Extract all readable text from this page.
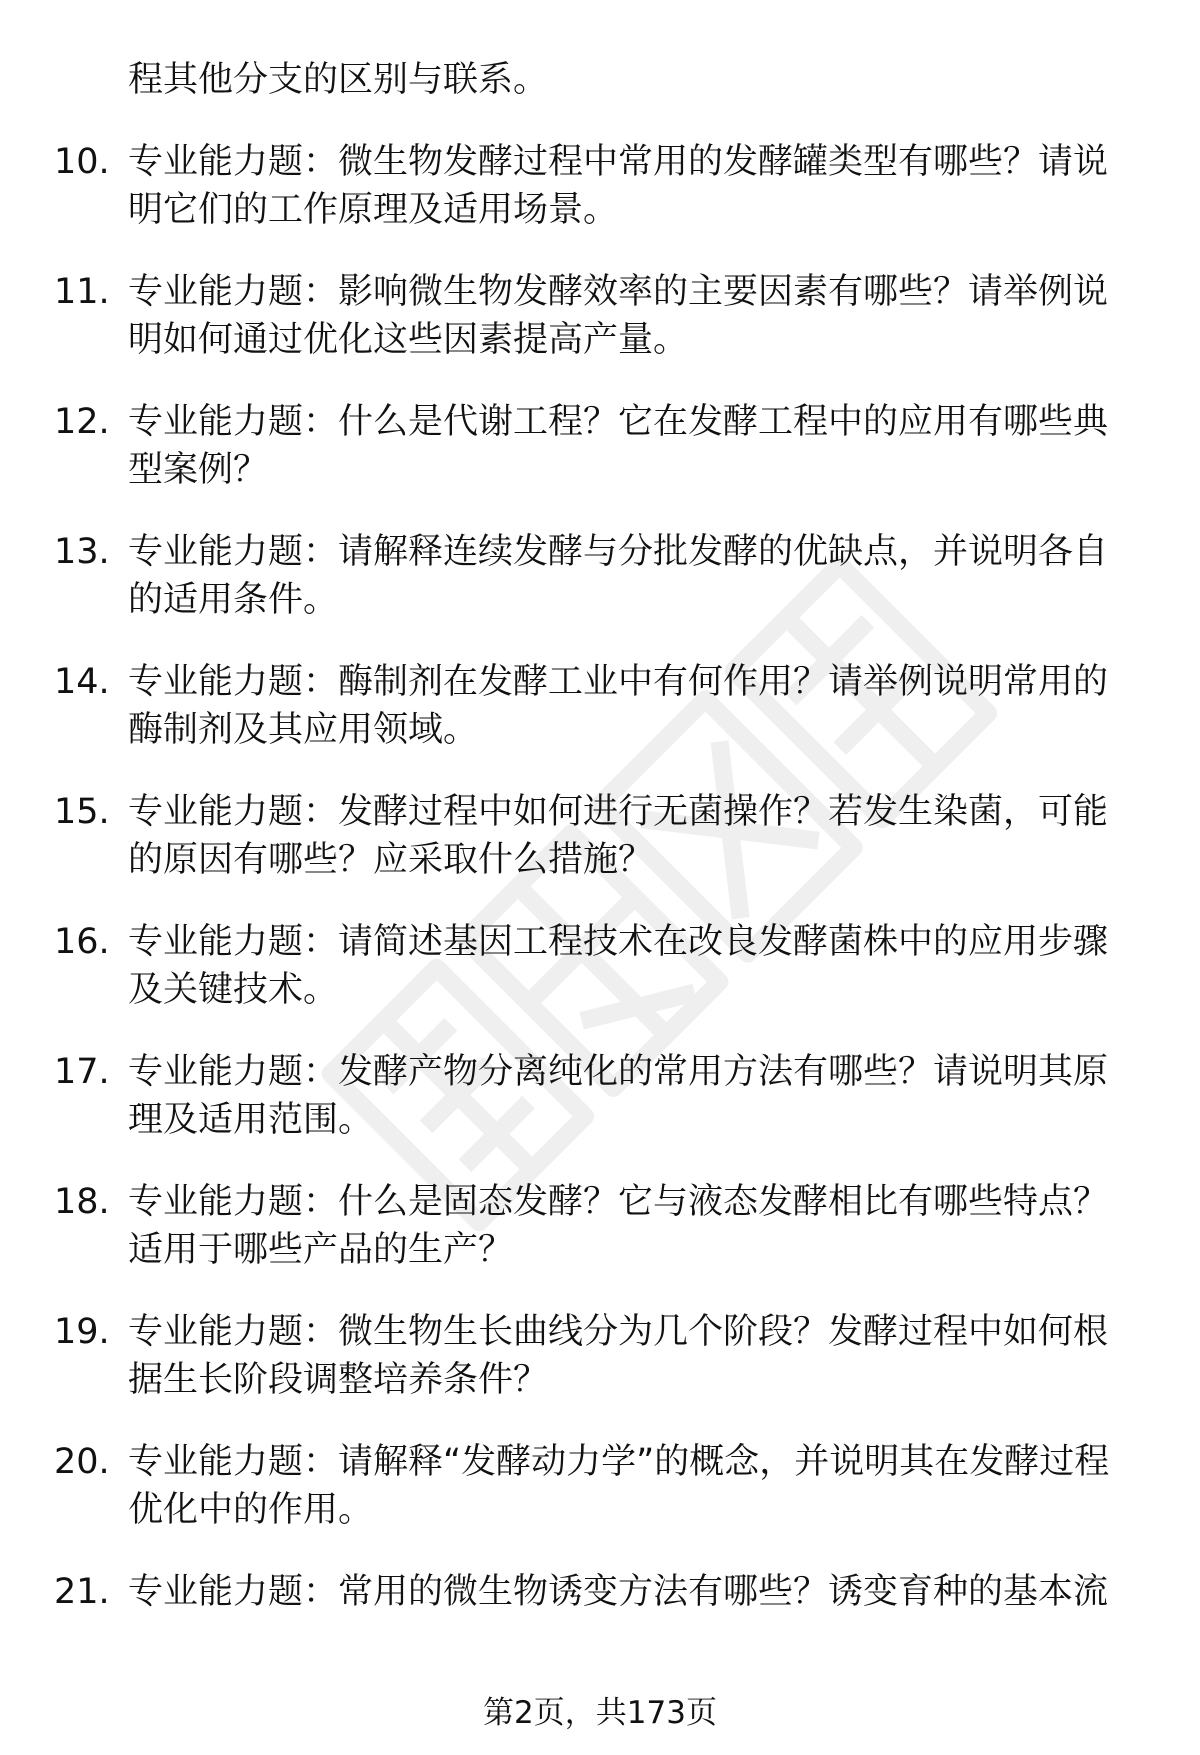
程其他分支的区别与联系。
10. 专业能力题：微生物发酵过程中常用的发酵罐类型有哪些？请说明它们的工作原理及适用场景。
11. 专业能力题：影响微生物发酵效率的主要因素有哪些？请举例说明如何通过优化这些因素提高产量。
12. 专业能力题：什么是代谢工程？它在发酵工程中的应用有哪些典型案例？
13. 专业能力题：请解释连续发酵与分批发酵的优缺点，并说明各自的适用条件。
14. 专业能力题：酶制剂在发酵工业中有何作用？请举例说明常用的酶制剂及其应用领域。
15. 专业能力题：发酵过程中如何进行无菌操作？若发生染菌，可能的原因有哪些？应采取什么措施？
16. 专业能力题：请简述基因工程技术在改良发酵菌株中的应用步骤及关键技术。
17. 专业能力题：发酵产物分离纯化的常用方法有哪些？请说明其原理及适用范围。
18. 专业能力题：什么是固态发酵？它与液态发酵相比有哪些特点？适用于哪些产品的生产？
19. 专业能力题：微生物生长曲线分为几个阶段？发酵过程中如何根据生长阶段调整培养条件？
20. 专业能力题：请解释“发酵动力学”的概念，并说明其在发酵过程优化中的作用。
21. 专业能力题：常用的微生物诱变方法有哪些？诱变育种的基本流
第2页，共173页
